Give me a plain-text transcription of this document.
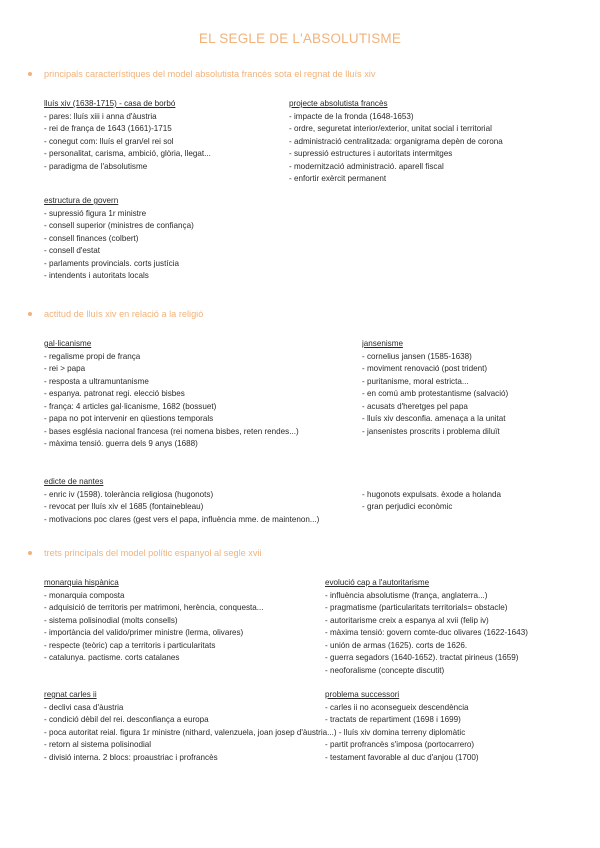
EL SEGLE DE L'ABSOLUTISME
principals característiques del model absolutista francès sota el regnat de lluís xiv
lluís xiv (1638-1715) - casa de borbó
- pares: lluís xiii i anna d'àustria
- rei de frança de 1643 (1661)-1715
- conegut com: lluís el gran/el rei sol
- personalitat, carisma, ambició, glòria, llegat...
- paradigma de l'absolutisme
projecte absolutista francès
- impacte de la fronda (1648-1653)
- ordre, seguretat interior/exterior, unitat social i territorial
- administració centralitzada: organigrama depèn de corona
- supressió estructures i autoritats intermitges
- modernització administració. aparell fiscal
- enfortir exèrcit permanent
estructura de govern
- supressió figura 1r ministre
- consell superior (ministres de confiança)
- consell finances (colbert)
- consell d'estat
- parlaments provincials. corts justícia
- intendents i autoritats locals
actitud de lluís xiv en relació a la religió
gal·licanisme
- regalisme propi de frança
- rei > papa
- resposta a ultramuntanisme
- espanya. patronat regi. elecció bisbes
- frança: 4 articles gal·licanisme, 1682 (bossuet)
- papa no pot intervenir en qüestions temporals
- bases església nacional francesa (rei nomena bisbes, reten rendes...)
- màxima tensió. guerra dels 9 anys (1688)
jansenisme
- cornelius jansen (1585-1638)
- moviment renovació (post trident)
- puritanisme, moral estricta...
- en comú amb protestantisme (salvació)
- acusats d'heretges pel papa
- lluís xiv desconfia. amenaça a la unitat
- jansenistes proscrits i problema diluït
edicte de nantes
- enric iv (1598). tolerància religiosa (hugonots)
- revocat per lluís xiv el 1685 (fontainebleau)
- motivacions poc clares (gest vers el papa, influència mme. de maintenon...)
- hugonots expulsats. èxode a holanda
- gran perjudici econòmic
trets principals del model polític espanyol al segle xvii
monarquia hispànica
- monarquia composta
- adquisició de territoris per matrimoni, herència, conquesta...
- sistema polisinodial (molts consells)
- importància del valido/primer ministre (lerma, olivares)
- respecte (teòric) cap a territoris i particularitats
- catalunya. pactisme. corts catalanes
evolució cap a l'autoritarisme
- influència absolutisme (frança, anglaterra...)
- pragmatisme (particularitats territorials= obstacle)
- autoritarisme creix a espanya al xvii (felip iv)
- màxima tensió: govern comte-duc olivares (1622-1643)
- unión de armas (1625). corts de 1626.
- guerra segadors (1640-1652). tractat pirineus (1659)
- neoforalisme (concepte discutit)
regnat carles ii
- declivi casa d'àustria
- condició dèbil del rei. desconfiança a europa
- poca autoritat reial. figura 1r ministre (nithard, valenzuela, joan josep d'àustria...) - lluís xiv domina terreny diplomàtic
- retorn al sistema polisinodial
- divisió interna. 2 blocs: proaustriac i profrancès
problema successori
- carles ii no aconsegueix descendència
- tractats de repartiment (1698 i 1699)
- partit profrancès s'imposa (portocarrero)
- testament favorable al duc d'anjou (1700)
